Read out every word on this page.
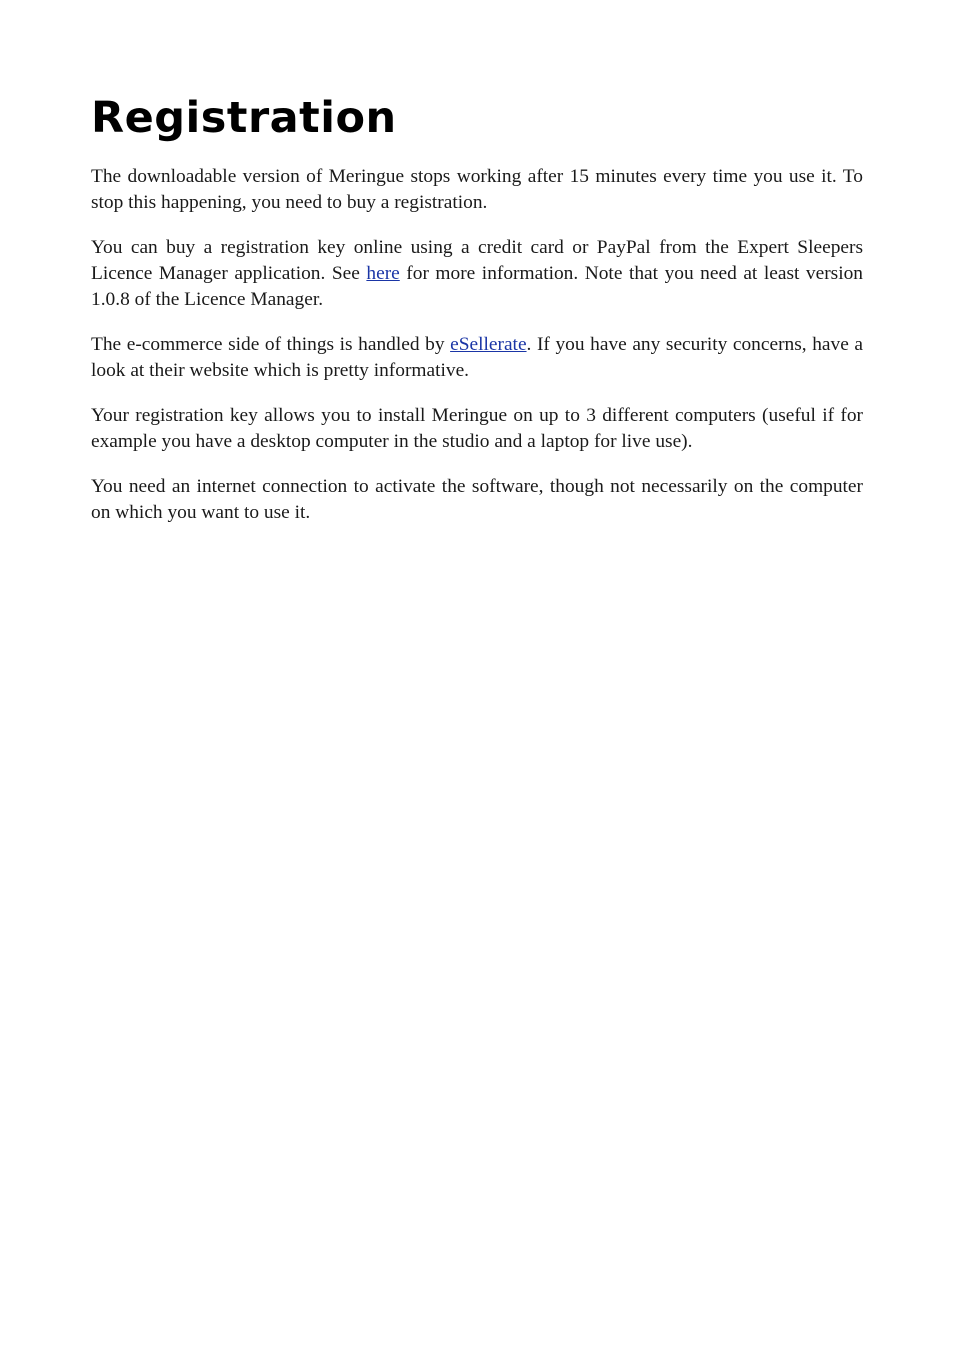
Registration

The downloadable version of Meringue stops working after 15 minutes every time you use it. To stop this happening, you need to buy a registration.

You can buy a registration key online using a credit card or PayPal from the Expert Sleepers Licence Manager application. See here for more information. Note that you need at least version 1.0.8 of the Licence Manager.

The e-commerce side of things is handled by eSellerate. If you have any security concerns, have a look at their website which is pretty informative.

Your registration key allows you to install Meringue on up to 3 different computers (useful if for example you have a desktop computer in the studio and a laptop for live use).

You need an internet connection to activate the software, though not necessarily on the computer on which you want to use it.
